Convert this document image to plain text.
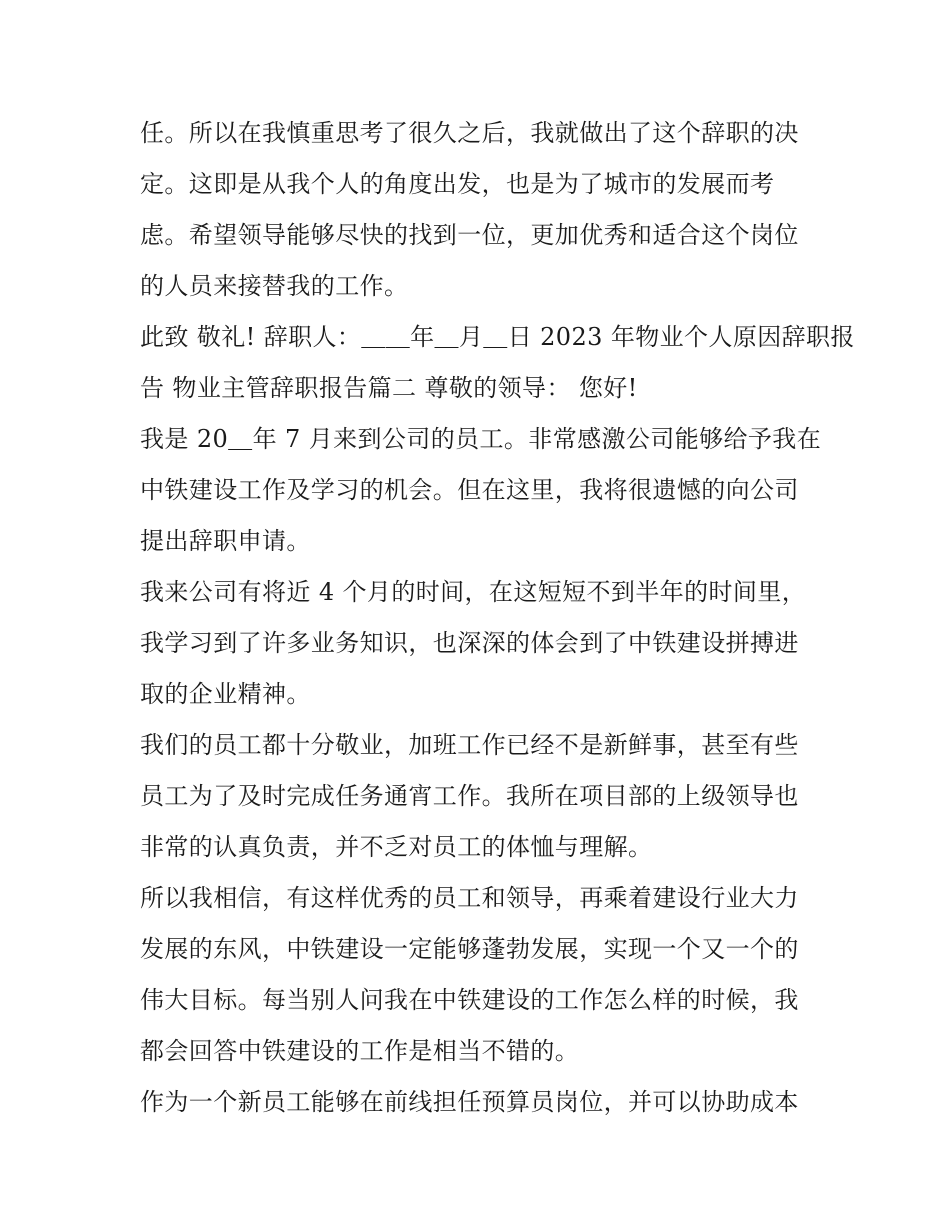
任。所以在我慎重思考了很久之后，我就做出了这个辞职的决
定。这即是从我个人的角度出发，也是为了城市的发展而考
虑。希望领导能够尽快的找到一位，更加优秀和适合这个岗位
的人员来接替我的工作。
此致 敬礼! 辞职人：＿＿年＿月＿日 2023 年物业个人原因辞职报
告 物业主管辞职报告篇二 尊敬的领导： 您好!
我是 20＿年 7 月来到公司的员工。非常感激公司能够给予我在
中铁建设工作及学习的机会。但在这里，我将很遗憾的向公司
提出辞职申请。
我来公司有将近 4 个月的时间，在这短短不到半年的时间里，
我学习到了许多业务知识，也深深的体会到了中铁建设拼搏进
取的企业精神。
我们的员工都十分敬业，加班工作已经不是新鲜事，甚至有些
员工为了及时完成任务通宵工作。我所在项目部的上级领导也
非常的认真负责，并不乏对员工的体恤与理解。
所以我相信，有这样优秀的员工和领导，再乘着建设行业大力
发展的东风，中铁建设一定能够蓬勃发展，实现一个又一个的
伟大目标。每当别人问我在中铁建设的工作怎么样的时候，我
都会回答中铁建设的工作是相当不错的。
作为一个新员工能够在前线担任预算员岗位，并可以协助成本
